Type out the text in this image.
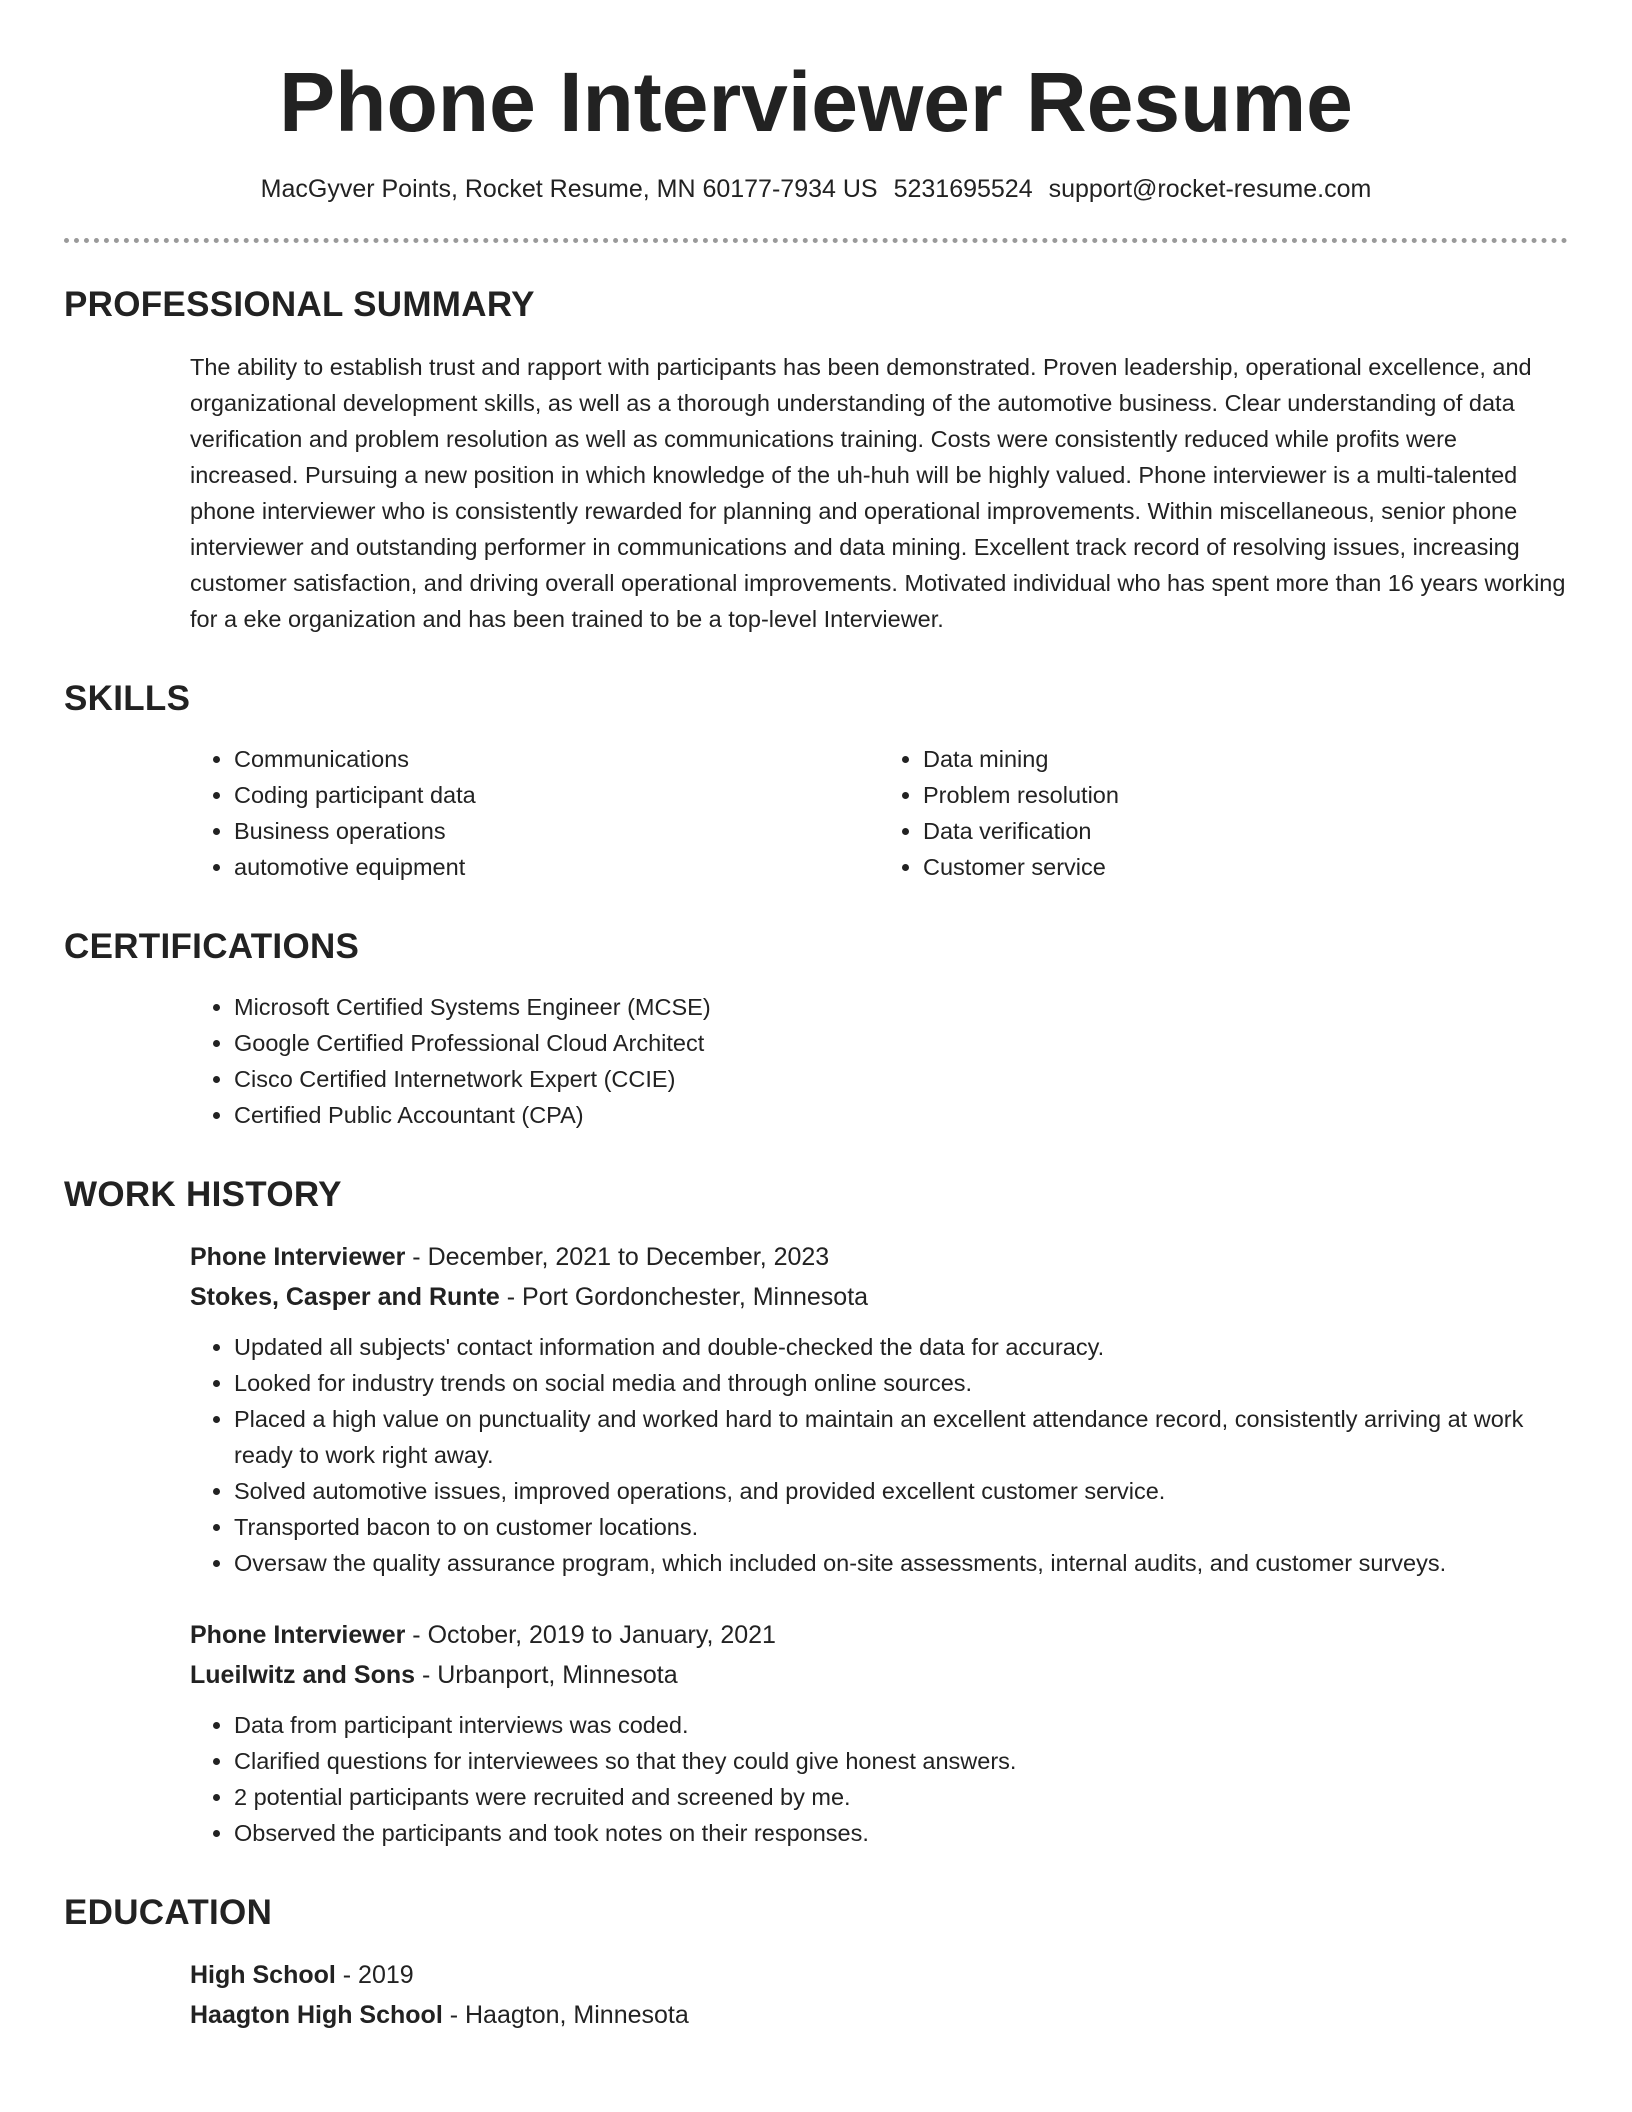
Phone Interviewer Resume
MacGyver Points, Rocket Resume, MN 60177-7934 US 5231695524 support@rocket-resume.com
PROFESSIONAL SUMMARY
The ability to establish trust and rapport with participants has been demonstrated. Proven leadership, operational excellence, and organizational development skills, as well as a thorough understanding of the automotive business. Clear understanding of data verification and problem resolution as well as communications training. Costs were consistently reduced while profits were increased. Pursuing a new position in which knowledge of the uh-huh will be highly valued. Phone interviewer is a multi-talented phone interviewer who is consistently rewarded for planning and operational improvements. Within miscellaneous, senior phone interviewer and outstanding performer in communications and data mining. Excellent track record of resolving issues, increasing customer satisfaction, and driving overall operational improvements. Motivated individual who has spent more than 16 years working for a eke organization and has been trained to be a top-level Interviewer.
SKILLS
• Communications
• Coding participant data
• Business operations
• automotive equipment
• Data mining
• Problem resolution
• Data verification
• Customer service
CERTIFICATIONS
• Microsoft Certified Systems Engineer (MCSE)
• Google Certified Professional Cloud Architect
• Cisco Certified Internetwork Expert (CCIE)
• Certified Public Accountant (CPA)
WORK HISTORY
Phone Interviewer - December, 2021 to December, 2023
Stokes, Casper and Runte - Port Gordonchester, Minnesota
• Updated all subjects' contact information and double-checked the data for accuracy.
• Looked for industry trends on social media and through online sources.
• Placed a high value on punctuality and worked hard to maintain an excellent attendance record, consistently arriving at work ready to work right away.
• Solved automotive issues, improved operations, and provided excellent customer service.
• Transported bacon to on customer locations.
• Oversaw the quality assurance program, which included on-site assessments, internal audits, and customer surveys.
Phone Interviewer - October, 2019 to January, 2021
Lueilwitz and Sons - Urbanport, Minnesota
• Data from participant interviews was coded.
• Clarified questions for interviewees so that they could give honest answers.
• 2 potential participants were recruited and screened by me.
• Observed the participants and took notes on their responses.
EDUCATION
High School - 2019
Haagton High School - Haagton, Minnesota
